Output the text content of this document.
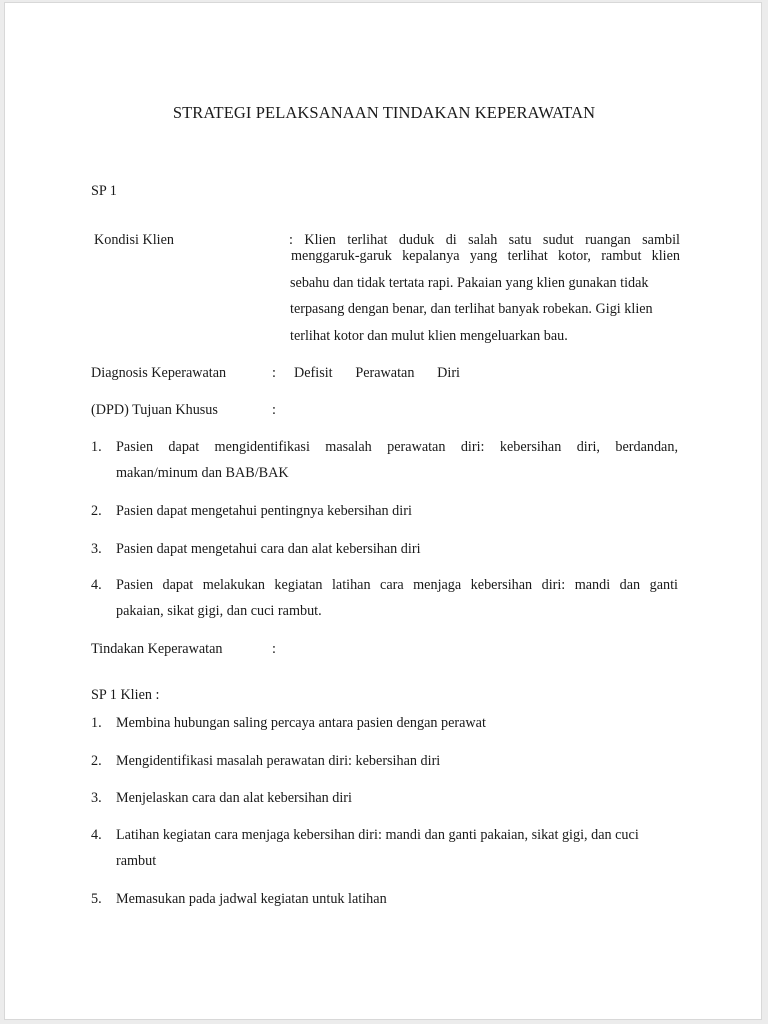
STRATEGI PELAKSANAAN TINDAKAN KEPERAWATAN
SP 1
Kondisi Klien	: Klien terlihat duduk di salah satu sudut ruangan sambil
menggaruk-garuk kepalanya yang terlihat kotor, rambut klien
sebahu dan tidak tertata rapi. Pakaian yang klien gunakan tidak
terpasang dengan benar, dan terlihat banyak robekan. Gigi klien
terlihat kotor dan mulut klien mengeluarkan bau.
Diagnosis Keperawatan	: Defisit Perawatan Diri
(DPD) Tujuan Khusus	:
1. Pasien dapat mengidentifikasi masalah perawatan diri: kebersihan diri, berdandan,
makan/minum dan BAB/BAK
2. Pasien dapat mengetahui pentingnya kebersihan diri
3. Pasien dapat mengetahui cara dan alat kebersihan diri
4. Pasien dapat melakukan kegiatan latihan cara menjaga kebersihan diri: mandi dan ganti
pakaian, sikat gigi, dan cuci rambut.
Tindakan Keperawatan	:
SP 1 Klien :
1. Membina hubungan saling percaya antara pasien dengan perawat
2. Mengidentifikasi masalah perawatan diri: kebersihan diri
3. Menjelaskan cara dan alat kebersihan diri
4. Latihan kegiatan cara menjaga kebersihan diri: mandi dan ganti pakaian, sikat gigi, dan cuci
rambut
5. Memasukan pada jadwal kegiatan untuk latihan
